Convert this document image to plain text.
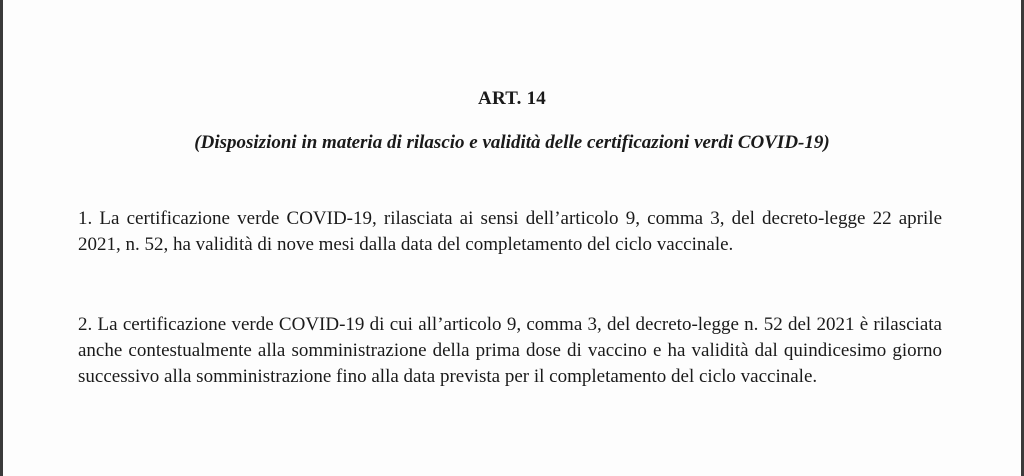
ART. 14
(Disposizioni in materia di rilascio e validità delle certificazioni verdi COVID-19)

1. La certificazione verde COVID-19, rilasciata ai sensi dell’articolo 9, comma 3, del decreto-legge 22 aprile 2021, n. 52, ha validità di nove mesi dalla data del completamento del ciclo vaccinale.

2. La certificazione verde COVID-19 di cui all’articolo 9, comma 3, del decreto-legge n. 52 del 2021 è rilasciata anche contestualmente alla somministrazione della prima dose di vaccino e ha validità dal quindicesimo giorno successivo alla somministrazione fino alla data prevista per il completamento del ciclo vaccinale.
